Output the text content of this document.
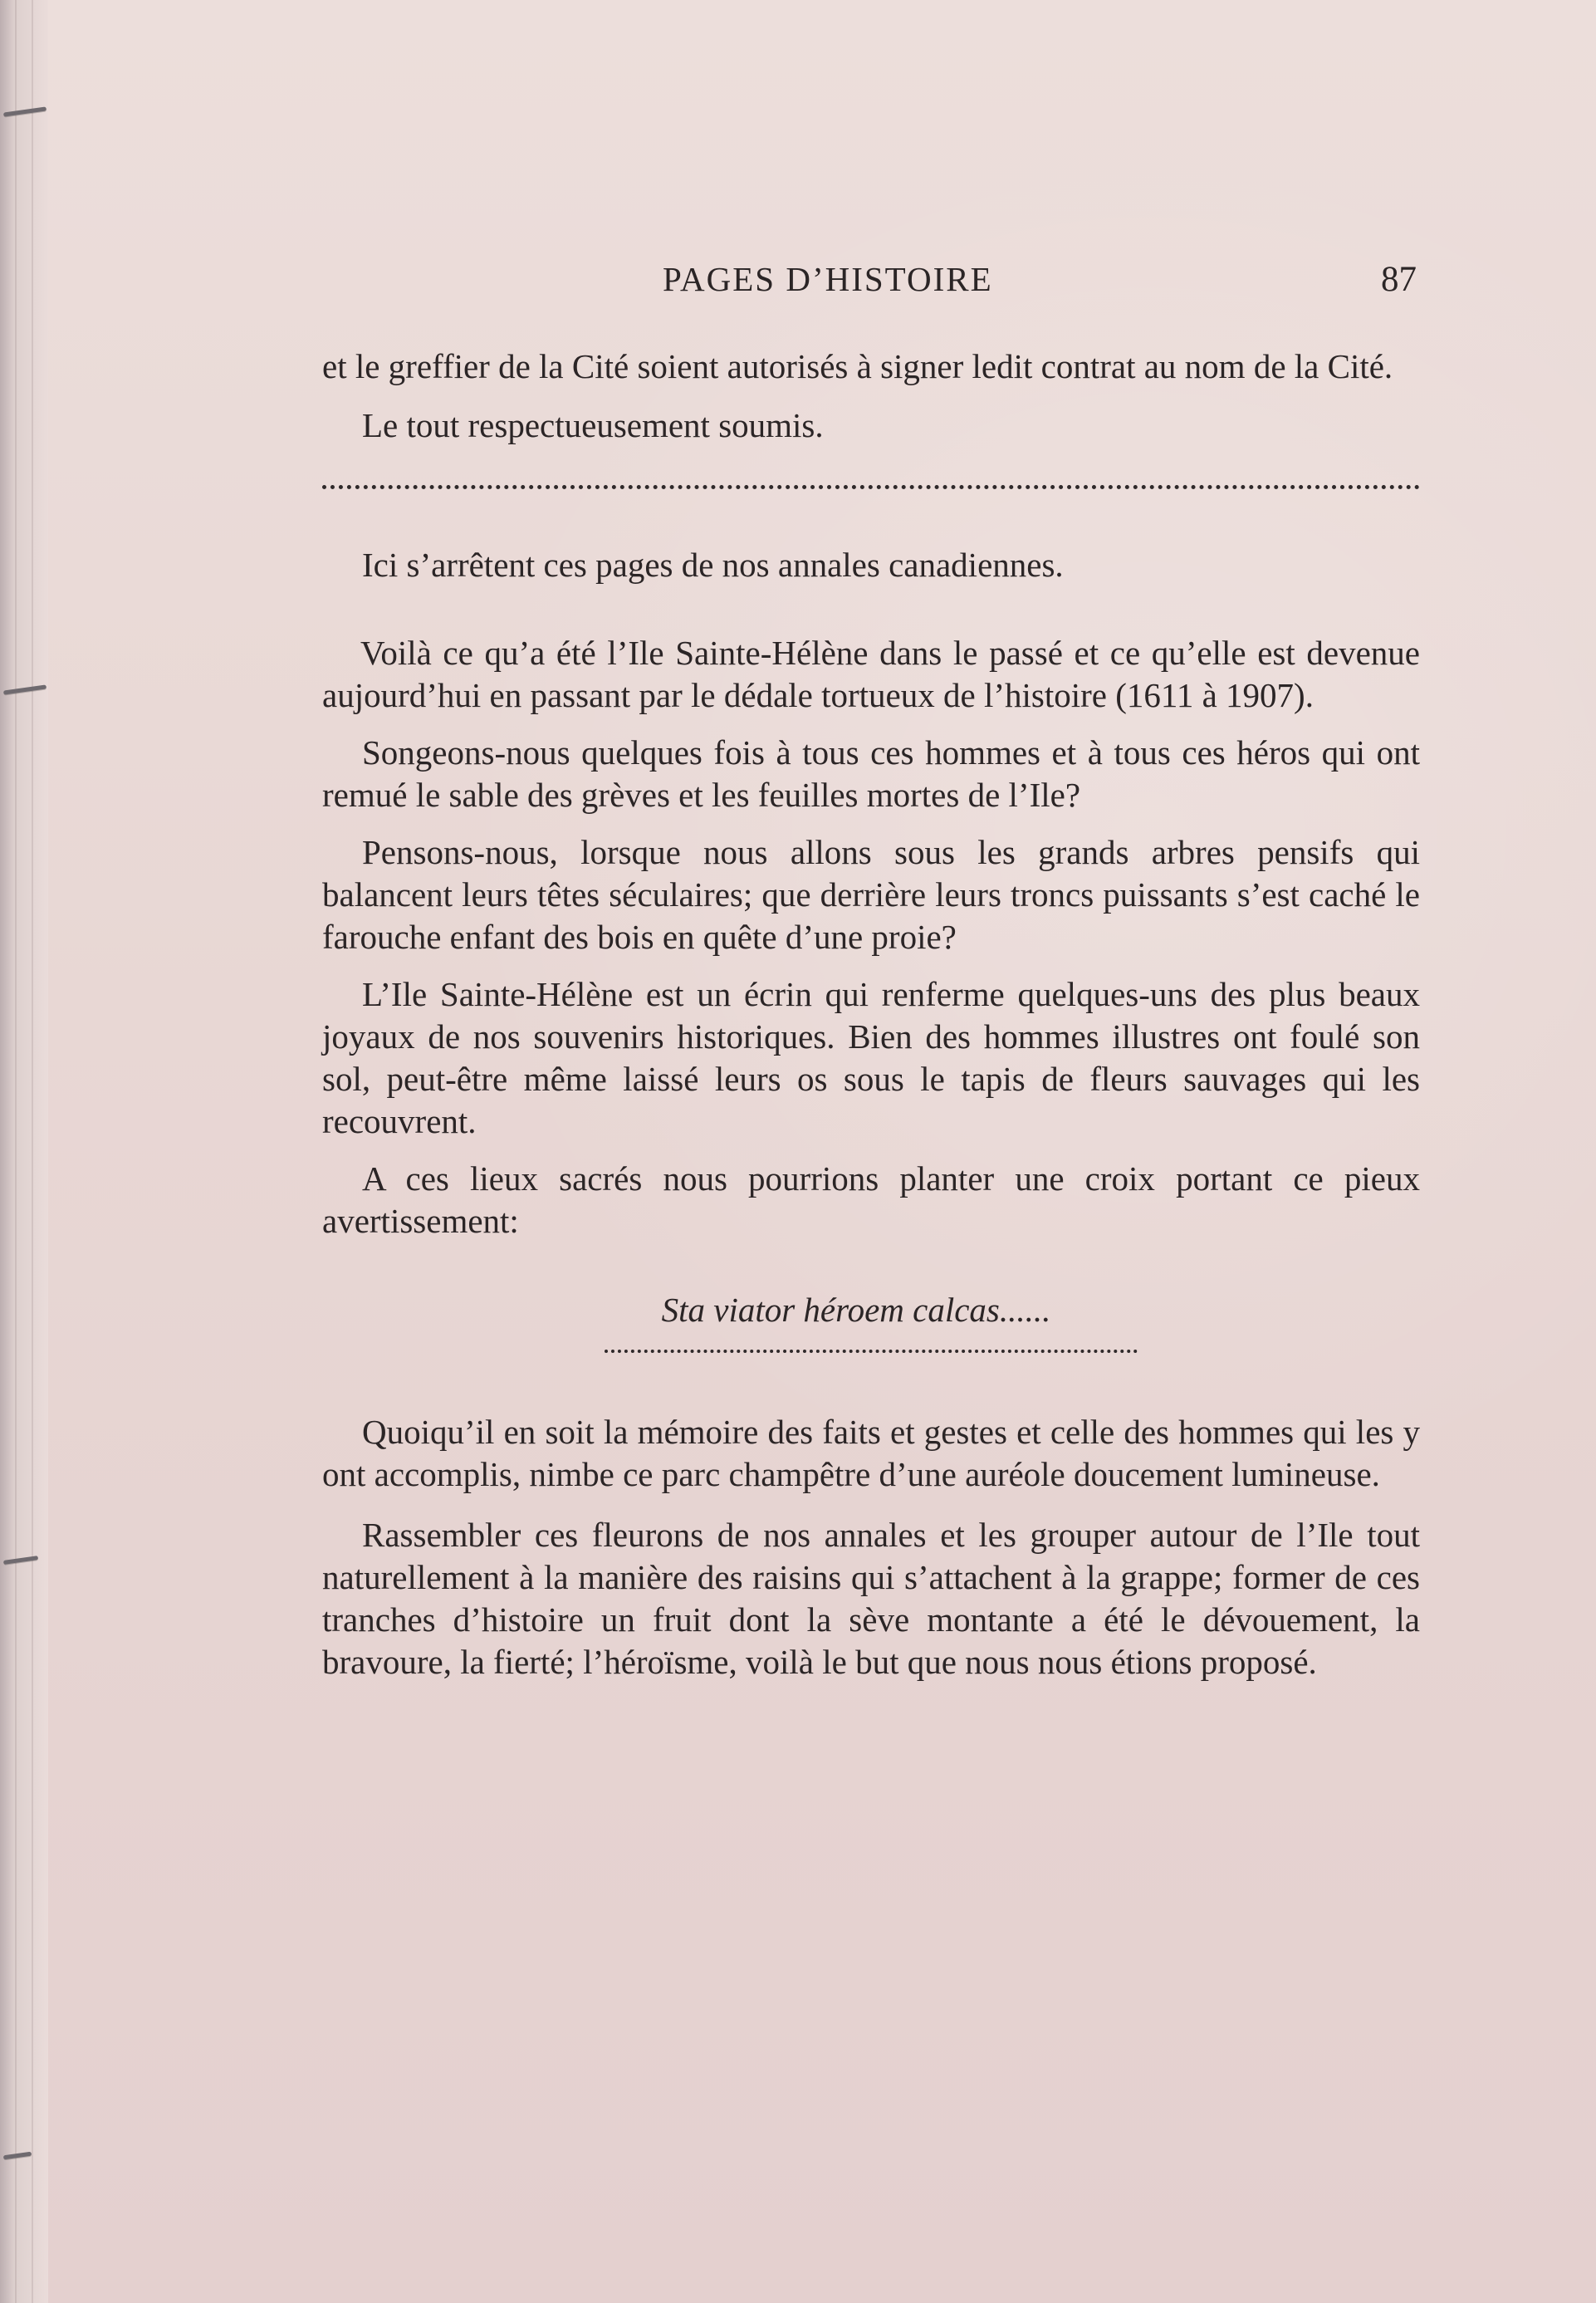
PAGES D’HISTOIRE	87

et le greffier de la Cité soient autorisés à signer ledit contrat au nom de la Cité.

Le tout respectueusement soumis.

Ici s’arrêtent ces pages de nos annales canadiennes.

Voilà ce qu’a été l’Ile Sainte-Hélène dans le passé et ce qu’elle est devenue aujourd’hui en passant par le dédale tortueux de l’histoire (1611 à 1907).

Songeons-nous quelques fois à tous ces hommes et à tous ces héros qui ont remué le sable des grèves et les feuilles mortes de l’Ile?

Pensons-nous, lorsque nous allons sous les grands arbres pensifs qui balancent leurs têtes séculaires; que derrière leurs troncs puissants s’est caché le farouche enfant des bois en quête d’une proie?

L’Ile Sainte-Hélène est un écrin qui renferme quelques-uns des plus beaux joyaux de nos souvenirs historiques. Bien des hommes illustres ont foulé son sol, peut-être même laissé leurs os sous le tapis de fleurs sauvages qui les recouvrent.

A ces lieux sacrés nous pourrions planter une croix portant ce pieux avertissement:

Sta viator héroem calcas......

Quoiqu’il en soit la mémoire des faits et gestes et celle des hommes qui les y ont accomplis, nimbe ce parc champêtre d’une auréole doucement lumineuse.

Rassembler ces fleurons de nos annales et les grouper autour de l’Ile tout naturellement à la manière des raisins qui s’attachent à la grappe; former de ces tranches d’histoire un fruit dont la sève montante a été le dévouement, la bravoure, la fierté; l’héroïsme, voilà le but que nous nous étions proposé.
